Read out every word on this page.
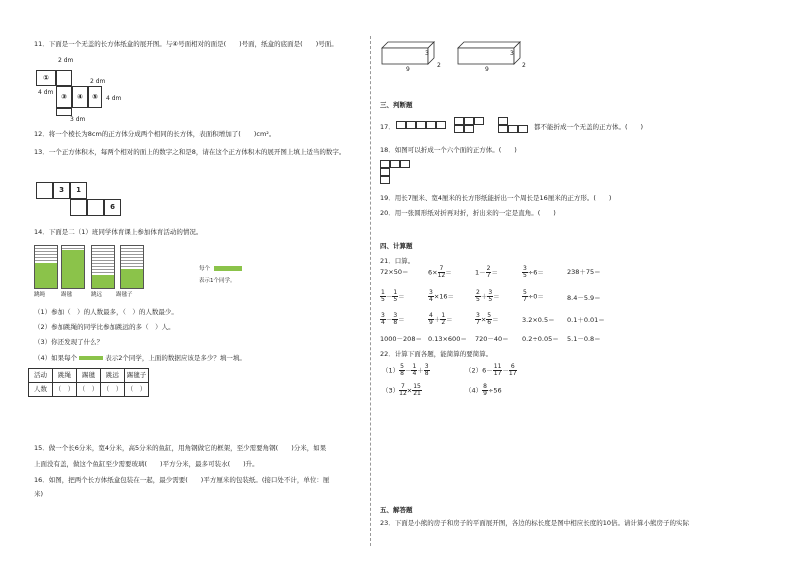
11．下面是一个无盖的长方体纸盒的展开图。与④号面相对的面是(　　)号面，纸盒的底面是(　　)号面。
2 dm
①	2 dm
4 dm
③	④	⑤	4 dm
3 dm
12．将一个棱长为8cm的正方体分成两个相同的长方体，表面积增加了(　　)cm²。
13．一个正方体积木，每两个相对的面上的数字之和是8，请在这个正方体积木的展开图上填上适当的数字。
3	1
6
14．下面是二（1）班同学体育课上参加体育活动的情况。
跳绳	踢毽	跳远	踢毽子
每个
表示1个同学。
（1）参加（　）的人数最多，（　）的人数最少。
（2）参加跳绳的同学比参加跳远的多（　）人。
（3）你还发现了什么？
（4）如果每个	表示2个同学，上面的数据应该是多少？填一填。
活动	跳绳	踢毽	跳远	踢毽子
人数	（　）	（　）	（　）	（　）
15．做一个长6分米，宽4分米，高5分米的鱼缸，用角钢做它的框架，至少需要角钢(　　)分米，如果
上面没有盖，做这个鱼缸至少需要玻璃(　　)平方分米，最多可装水(　　)升。
16．如图，把两个长方体纸盒包装在一起，最少需要(　　)平方厘米的包装纸。(接口处不计，单位：厘
米)
3
9
2
3
9
2
三、判断题
17．	都不能折成一个无盖的正方体。(　　)
18．如图可以折成一个六个面的正方体。(　　)
19．用长7厘米、宽4厘米的长方形纸能折出一个周长是16厘米的正方形。(　　)
20．用一张圆形纸对折再对折，折出来的一定是直角。(　　)
四、计算题
21．口算。
72×50＝	$6\times \frac{7}{12}$ ＝	$1- \frac{2}{7}$ ＝	$\frac{3}{5} \div 6=$	238＋75＝
$\frac{1}{5} - \frac{1}{5}$ ＝	$\frac{3}{4} \times 16=$	$\frac{2}{5} + \frac{3}{5}$ ＝	$\frac{5}{7} \div 0=$	8.4－5.9＝
$\frac{3}{4} - \frac{3}{8}$ ＝	$\frac{4}{9} + \frac{1}{2}$ ＝	$\frac{3}{7} \times \frac{5}{6}$ ＝	3.2×0.5＝ 0.1＋0.01＝
1000－208＝ 0.13×600＝ 720－40＝ 0.2÷0.05＝ 5.1－0.8＝
22．计算下面各题，能简算的要简算。
$(1) \frac{5}{8} - \frac{1}{4} + \frac{3}{8}$	$(2)6- \frac{11}{17} - \frac{6}{17}$
$(3) \frac{7}{12} \times \frac{15}{21}$	$(4) \frac{8}{9} \div 56$
五、解答题
23．下面是小熊的房子和房子的平面展开图，各边的标长度是图中相应长度的10倍。请计算小熊房子的实际
